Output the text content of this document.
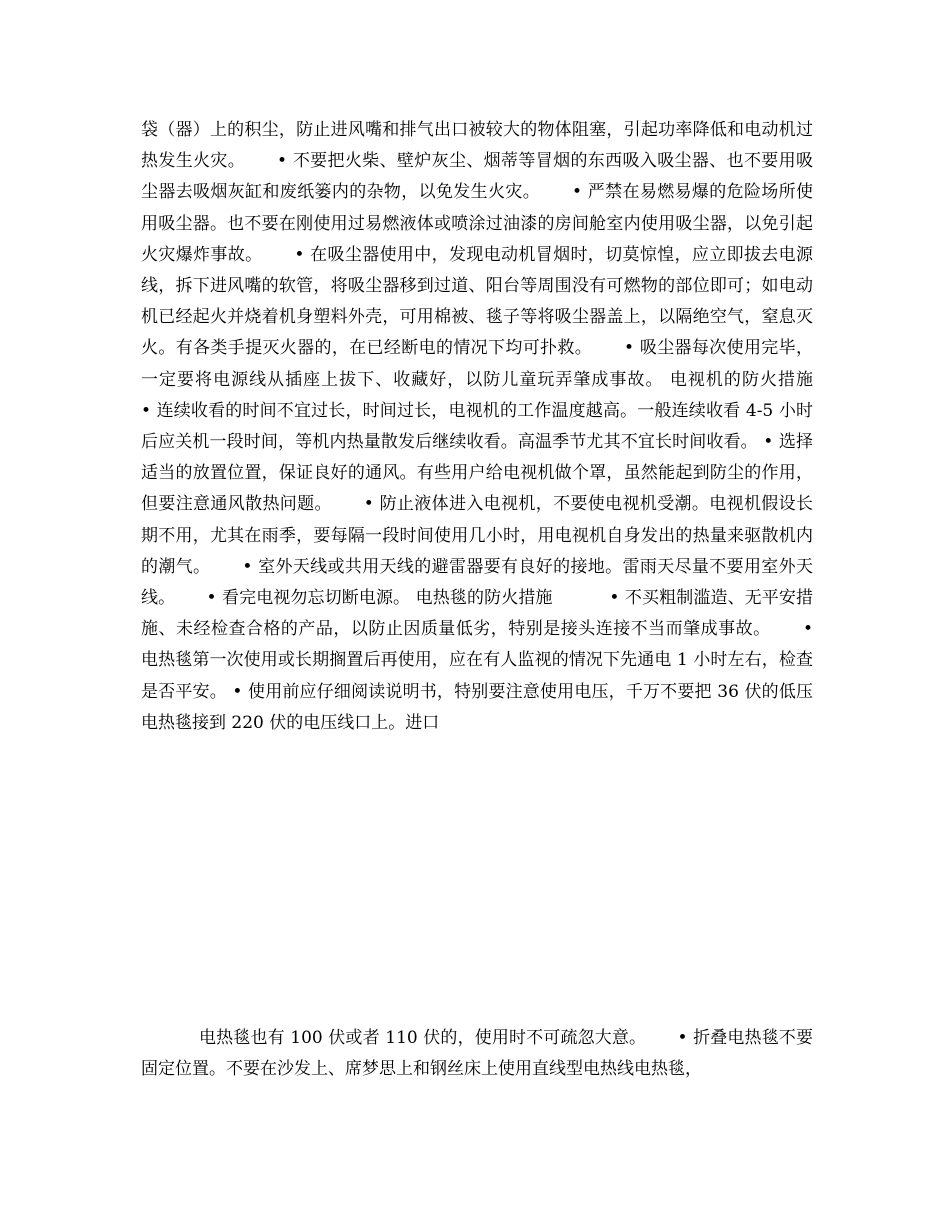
袋（器）上的积尘，防止进风嘴和排气出口被较大的物体阻塞，引起功率降低和电动机过热发生火灾。　　 • 不要把火柴、壁炉灰尘、烟蒂等冒烟的东西吸入吸尘器、也不要用吸尘器去吸烟灰缸和废纸篓内的杂物，以免发生火灾。　　 • 严禁在易燃易爆的危险场所使用吸尘器。也不要在刚使用过易燃液体或喷涂过油漆的房间舱室内使用吸尘器，以免引起火灾爆炸事故。　　 • 在吸尘器使用中，发现电动机冒烟时，切莫惊惶，应立即拔去电源线，拆下进风嘴的软管，将吸尘器移到过道、阳台等周围没有可燃物的部位即可；如电动机已经起火并烧着机身塑料外壳，可用棉被、毯子等将吸尘器盖上，以隔绝空气，窒息灭火。有各类手提灭火器的，在已经断电的情况下均可扑救。　　 • 吸尘器每次使用完毕，一定要将电源线从插座上拔下、收藏好，以防儿童玩弄肇成事故。 电视机的防火措施　　 • 连续收看的时间不宜过长，时间过长，电视机的工作温度越高。一般连续收看 4-5 小时后应关机一段时间，等机内热量散发后继续收看。高温季节尤其不宜长时间收看。 • 选择适当的放置位置，保证良好的通风。有些用户给电视机做个罩，虽然能起到防尘的作用，但要注意通风散热问题。　　 • 防止液体进入电视机，不要使电视机受潮。电视机假设长期不用，尤其在雨季，要每隔一段时间使用几小时，用电视机自身发出的热量来驱散机内的潮气。　　 • 室外天线或共用天线的避雷器要有良好的接地。雷雨天尽量不要用室外天线。　　 • 看完电视勿忘切断电源。 电热毯的防火措施　　　 • 不买粗制滥造、无平安措施、未经检查合格的产品，以防止因质量低劣，特别是接头连接不当而肇成事故。　　 • 电热毯第一次使用或长期搁置后再使用，应在有人监视的情况下先通电 1 小时左右，检查是否平安。 • 使用前应仔细阅读说明书，特别要注意使用电压，千万不要把 36 伏的低压电热毯接到 220 伏的电压线口上。进口

电热毯也有 100 伏或者 110 伏的，使用时不可疏忽大意。　　 • 折叠电热毯不要固定位置。不要在沙发上、席梦思上和钢丝床上使用直线型电热线电热毯，
